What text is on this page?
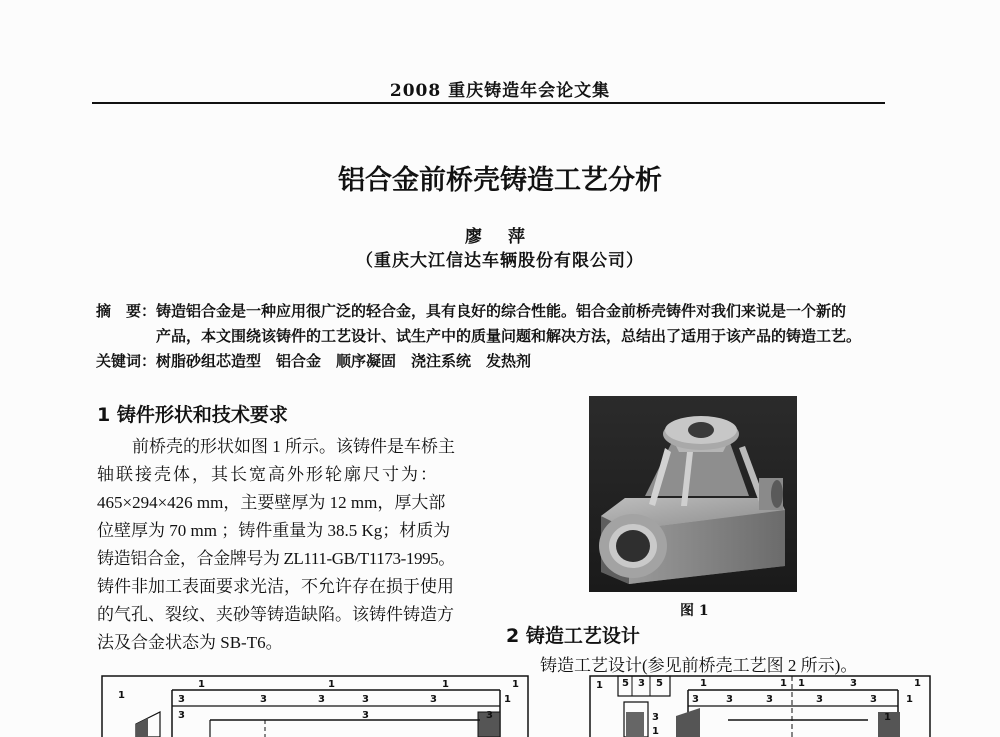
2008 重庆铸造年会论文集
铝合金前桥壳铸造工艺分析
廖 萍
（重庆大江信达车辆股份有限公司）
摘　要：铸造铝合金是一种应用很广泛的轻合金，具有良好的综合性能。铝合金前桥壳铸件对我们来说是一个新的
产品，本文围绕该铸件的工艺设计、试生产中的质量问题和解决方法，总结出了适用于该产品的铸造工艺。
关键词：树脂砂组芯造型　铝合金　顺序凝固　浇注系统　发热剂
1 铸件形状和技术要求
前桥壳的形状如图 1 所示。该铸件是车桥主
轴联接壳体，其长宽高外形轮廓尺寸为：
465×294×426 mm，主要壁厚为 12 mm，厚大部
位壁厚为 70 mm ；铸件重量为 38.5 Kg；材质为
铸造铝合金，合金牌号为 ZL111-GB/T1173-1995。
铸件非加工表面要求光洁，不允许存在损于使用
的气孔、裂纹、夹砂等铸造缺陷。该铸件铸造方
法及合金状态为 SB-T6。
图 1
2 铸造工艺设计
铸造工艺设计(参见前桥壳工艺图 2 所示)。
1
1	1	1	1
1
3	3	3	3	3
3	3	3
1 5 3 5	1	1 1	3	1
3	3	3	3	3	1
3
1
1
